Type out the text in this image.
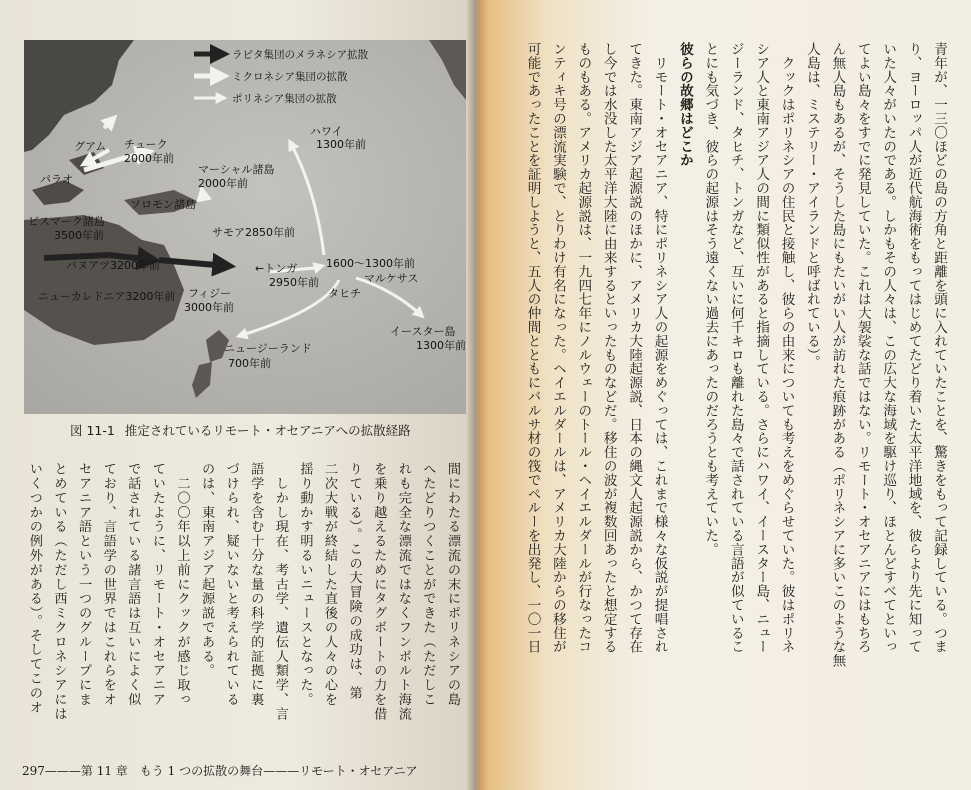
ラピタ集団のメラネシア拡散
ミクロネシア集団の拡散
ポリネシア集団の拡散
ハワイ
1300年前
グアム チューク
2000年前
パラオ
マーシャル諸島
2000年前
ソロモン諸島
ビスマーク諸島
3500年前	サモア2850年前
バヌアツ3200年前	←トンガ
2950年前
1600～1300年前
マルケサス
タヒチ
ニューカレドニア3200年前 フィジー
3000年前
イースター島
1300年前
ニュージーランド
700年前
図 11-1 推定されているリモート・オセアニアへの拡散経路
間にわたる漂流の末にポリネシアの島
へたどりつくことができた（ただしこ
れも完全な漂流ではなくフンボルト海流
を乗り越えるためにタグボートの力を借
りている）。この大冒険の成功は、第
二次大戦が終結した直後の人々の心を
揺り動かす明るいニュースとなった。
　しかし現在、考古学、遺伝人類学、言
語学を含む十分な量の科学的証拠に裏
づけられ、疑いないと考えられている
のは、東南アジア起源説である。
　二〇〇年以上前にクックが感じ取っ
ていたように、リモート・オセアニア
で話されている諸言語は互いによく似
ており、言語学の世界ではこれらをオ
セアニア語という一つのグループにま
とめている（ただし西ミクロネシアには
いくつかの例外がある）。そしてこのオ
297———第 11 章　もう 1 つの拡散の舞台———リモート・オセアニア
青年が、一三〇ほどの島の方角と距離を頭に入れていたことを、驚きをもって記録している。つま
り、ヨーロッパ人が近代航海術をもってはじめてたどり着いた太平洋地域を、彼らより先に知って
いた人々がいたのである。しかもその人々は、この広大な海域を駆け巡り、ほとんどすべてといっ
てよい島々をすでに発見していた。これは大袈裟な話ではない。リモート・オセアニアにはもちろ
ん無人島もあるが、そうした島にもたいがい人が訪れた痕跡がある（ポリネシアに多いこのような無
人島は、ミステリー・アイランドと呼ばれている）。
　クックはポリネシアの住民と接触し、彼らの由来についても考えをめぐらせていた。彼はポリネ
シア人と東南アジア人の間に類似性があると指摘している。さらにハワイ、イースター島、ニュー
ジーランド、タヒチ、トンガなど、互いに何千キロも離れた島々で話されている言語が似ているこ
とにも気づき、彼らの起源はそう遠くない過去にあったのだろうとも考えていた。
彼らの故郷はどこか
　リモート・オセアニア、特にポリネシア人の起源をめぐっては、これまで様々な仮説が提唱され
てきた。東南アジア起源説のほかに、アメリカ大陸起源説、日本の縄文人起源説から、かつて存在
し今では水没した太平洋大陸に由来するといったものなどだ。移住の波が複数回あったと想定する
ものもある。アメリカ起源説は、一九四七年にノルウェーのトール・ヘイエルダールが行なったコ
ンティキ号の漂流実験で、とりわけ有名になった。ヘイエルダールは、アメリカ大陸からの移住が
可能であったことを証明しようと、五人の仲間とともにバルサ材の筏でペルーを出発し、一〇一日
